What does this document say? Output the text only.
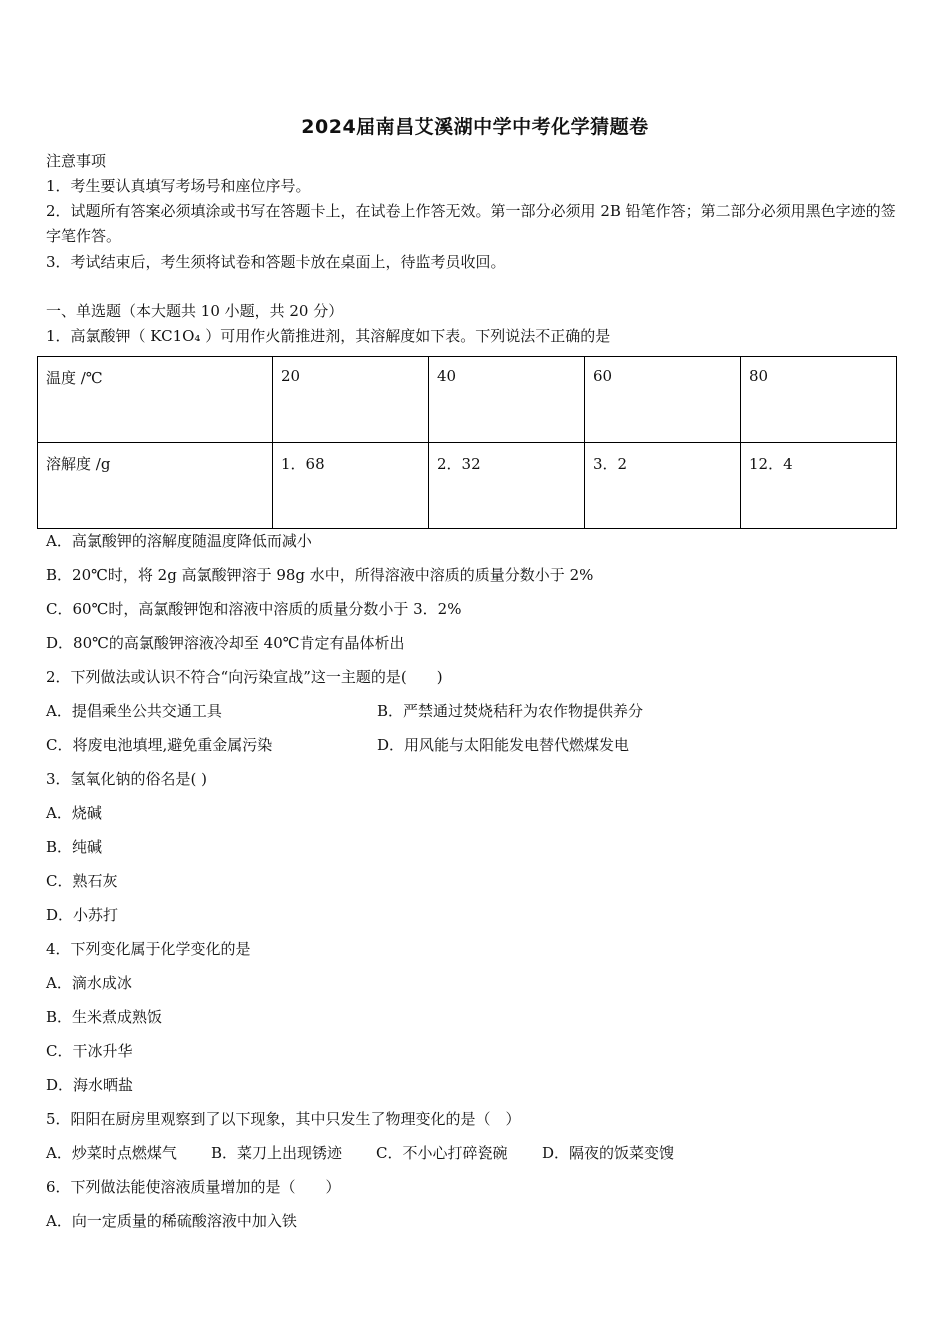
2024届南昌艾溪湖中学中考化学猜题卷
注意事项
1．考生要认真填写考场号和座位序号。
2．试题所有答案必须填涂或书写在答题卡上，在试卷上作答无效。第一部分必须用 2B 铅笔作答；第二部分必须用黑色字迹的签字笔作答。
3．考试结束后，考生须将试卷和答题卡放在桌面上，待监考员收回。
一、单选题（本大题共 10 小题，共 20 分）
1．高氯酸钾（ KC1O₄ ）可用作火箭推进剂，其溶解度如下表。下列说法不正确的是
温度 /℃	20	40	60	80
溶解度 /g	1．68	2．32	3．2	12．4
A．高氯酸钾的溶解度随温度降低而减小
B．20℃时，将 2g 高氯酸钾溶于 98g 水中，所得溶液中溶质的质量分数小于 2%
C．60℃时，高氯酸钾饱和溶液中溶质的质量分数小于 3．2%
D．80℃的高氯酸钾溶液冷却至 40℃肯定有晶体析出
2．下列做法或认识不符合“向污染宣战”这一主题的是(　　)
A．提倡乘坐公共交通工具	B．严禁通过焚烧秸秆为农作物提供养分
C．将废电池填埋,避免重金属污染	D．用风能与太阳能发电替代燃煤发电
3．氢氧化钠的俗名是( )
A．烧碱
B．纯碱
C．熟石灰
D．小苏打
4．下列变化属于化学变化的是
A．滴水成冰
B．生米煮成熟饭
C．干冰升华
D．海水晒盐
5．阳阳在厨房里观察到了以下现象，其中只发生了物理变化的是（　）
A．炒菜时点燃煤气 B．菜刀上出现锈迹 C．不小心打碎瓷碗 D．隔夜的饭菜变馊
6．下列做法能使溶液质量增加的是（　　）
A．向一定质量的稀硫酸溶液中加入铁
